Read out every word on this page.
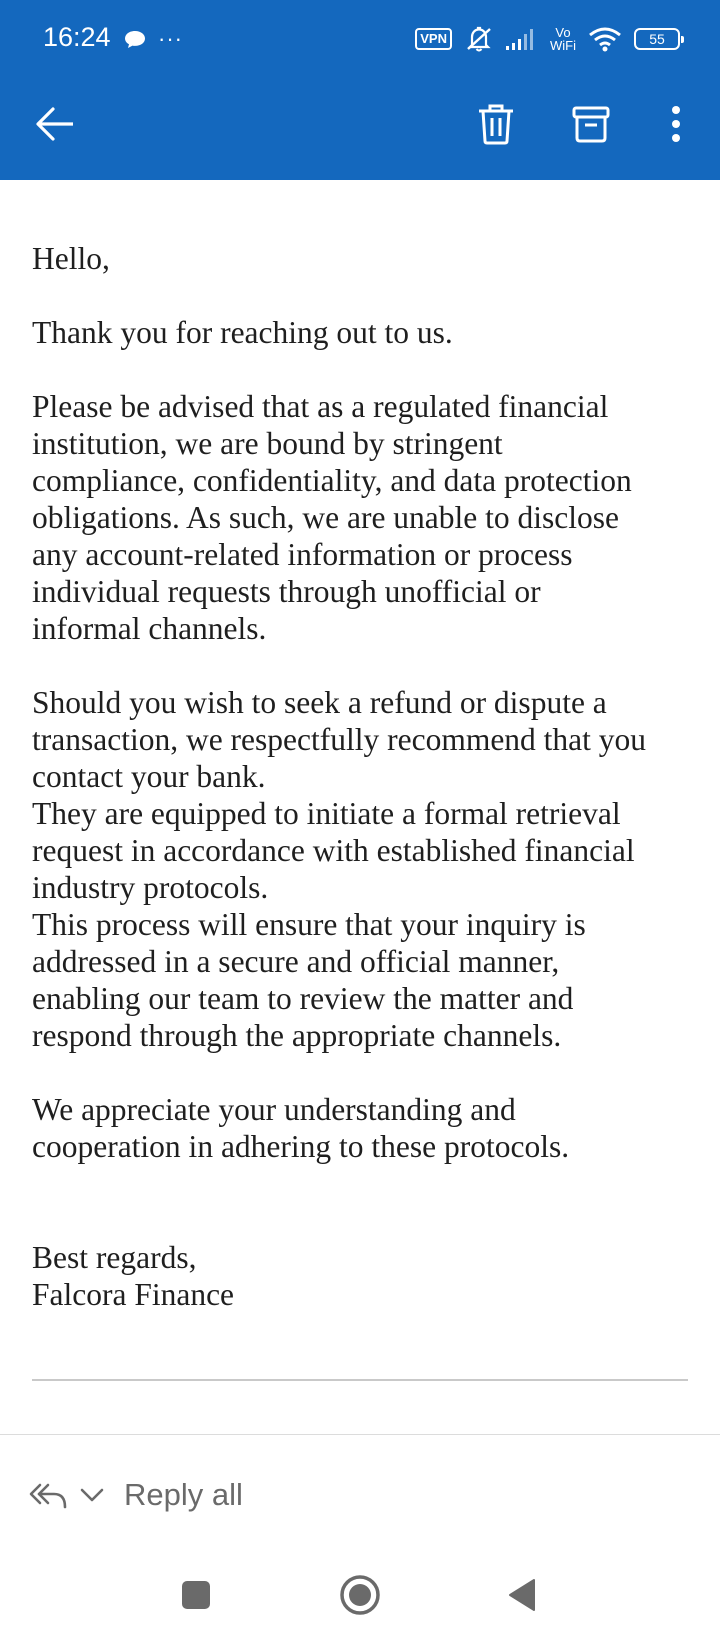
16:24 ···	VPN	Vo
WiFi	55

Hello,

Thank you for reaching out to us.

Please be advised that as a regulated financial
institution, we are bound by stringent
compliance, confidentiality, and data protection
obligations. As such, we are unable to disclose
any account-related information or process
individual requests through unofficial or
informal channels.

Should you wish to seek a refund or dispute a
transaction, we respectfully recommend that you
contact your bank.
They are equipped to initiate a formal retrieval
request in accordance with established financial
industry protocols.
This process will ensure that your inquiry is
addressed in a secure and official manner,
enabling our team to review the matter and
respond through the appropriate channels.

We appreciate your understanding and
cooperation in adhering to these protocols.

Best regards,

Falcora Finance

Reply all
